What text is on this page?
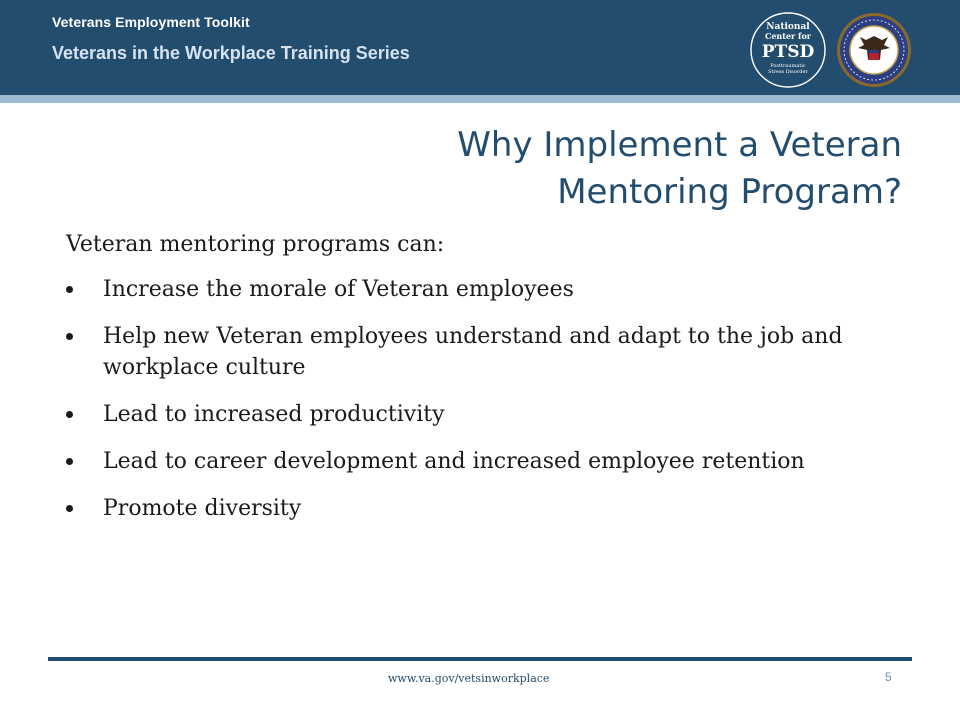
Veterans Employment Toolkit
Veterans in the Workplace Training Series
National
Center for
PTSD
Posttraumatic
Stress Disorder
Why Implement a Veteran
Mentoring Program?
Veteran mentoring programs can:
Increase the morale of Veteran employees
Help new Veteran employees understand and adapt to the job and workplace culture
Lead to increased productivity
Lead to career development and increased employee retention
Promote diversity
www.va.gov/vetsinworkplace	5
